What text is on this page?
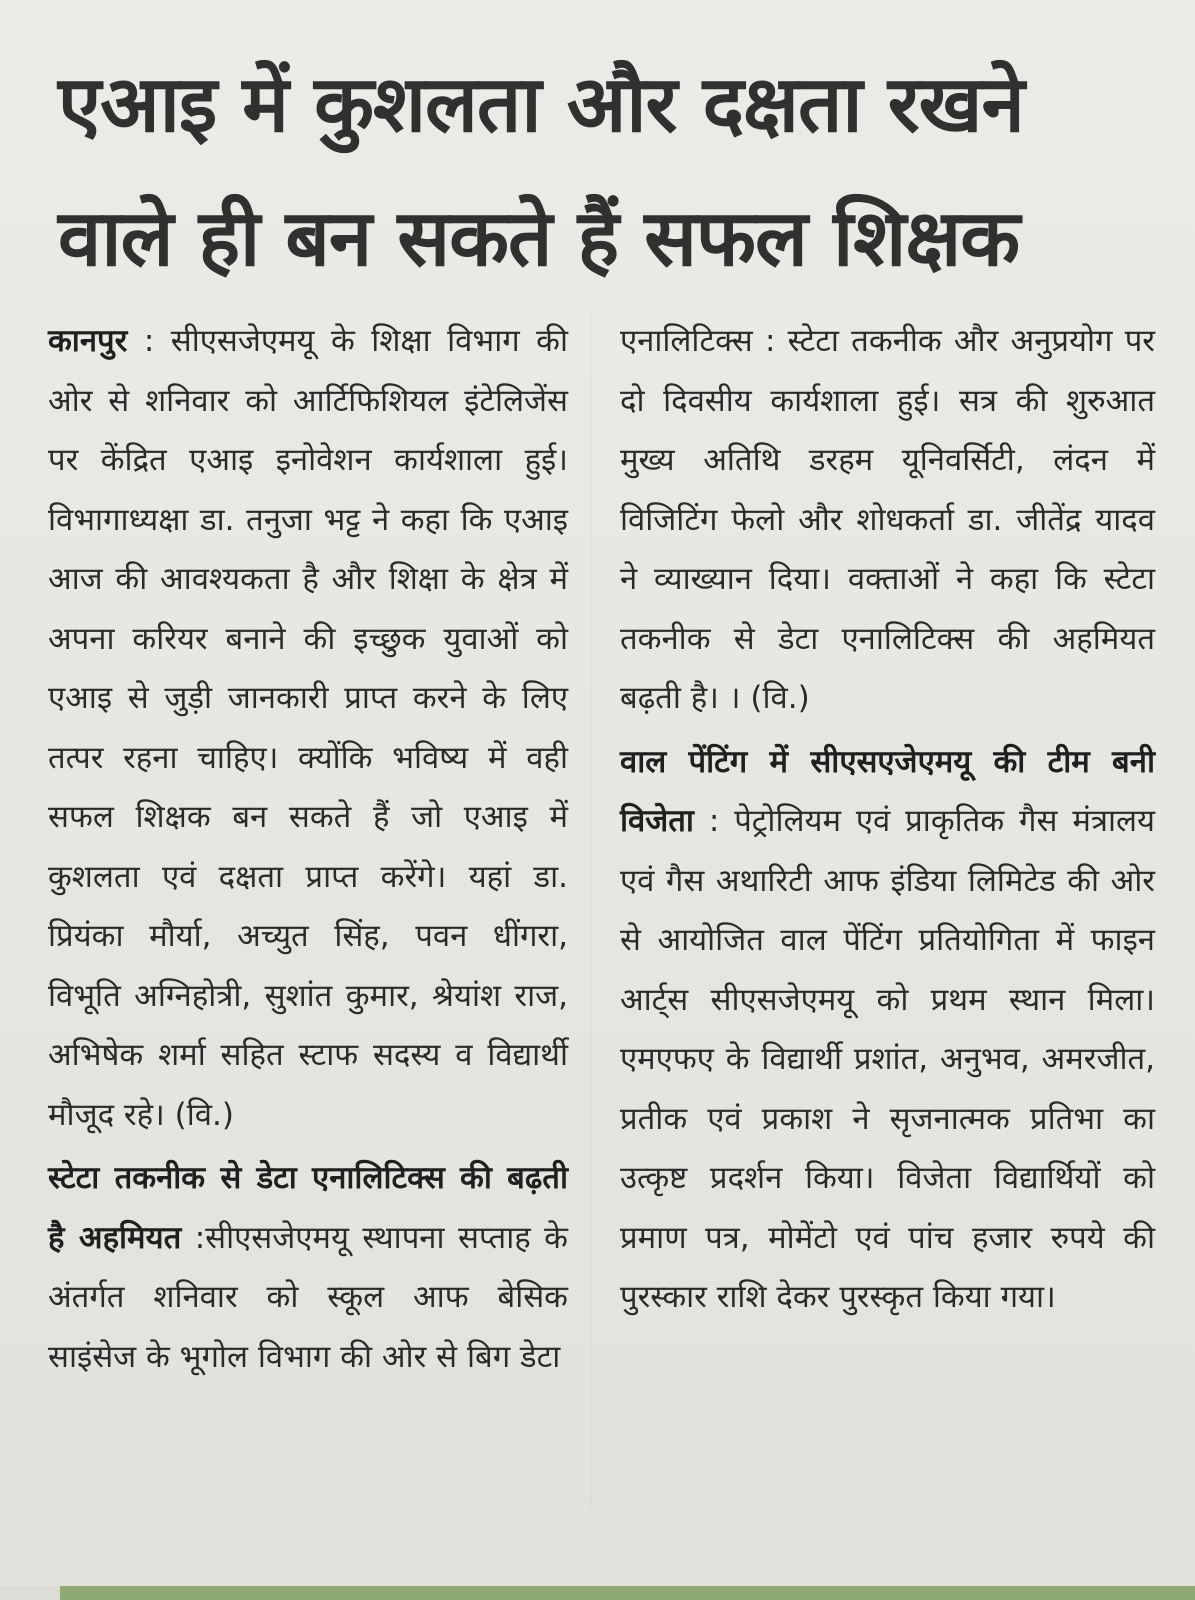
एआइ में कुशलता और दक्षता रखने
वाले ही बन सकते हैं सफल शिक्षक

कानपुर : सीएसजेएमयू के शिक्षा विभाग की ओर से शनिवार को आर्टिफिशियल इंटेलिजेंस पर केंद्रित एआइ इनोवेशन कार्यशाला हुई। विभागाध्यक्षा डा. तनुजा भट्ट ने कहा कि एआइ आज की आवश्यकता है और शिक्षा के क्षेत्र में अपना करियर बनाने की इच्छुक युवाओं को एआइ से जुड़ी जानकारी प्राप्त करने के लिए तत्पर रहना चाहिए। क्योंकि भविष्य में वही सफल शिक्षक बन सकते हैं जो एआइ में कुशलता एवं दक्षता प्राप्त करेंगे। यहां डा. प्रियंका मौर्या, अच्युत सिंह, पवन धींगरा, विभूति अग्निहोत्री, सुशांत कुमार, श्रेयांश राज, अभिषेक शर्मा सहित स्टाफ सदस्य व विद्यार्थी मौजूद रहे। (वि.)

स्टेटा तकनीक से डेटा एनालिटिक्स की बढ़ती है अहमियत :सीएसजेएमयू स्थापना सप्ताह के अंतर्गत शनिवार को स्कूल आफ बेसिक साइंसेज के भूगोल विभाग की ओर से बिग डेटा

एनालिटिक्स : स्टेटा तकनीक और अनुप्रयोग पर दो दिवसीय कार्यशाला हुई। सत्र की शुरुआत मुख्य अतिथि डरहम यूनिवर्सिटी, लंदन में विजिटिंग फेलो और शोधकर्ता डा. जीतेंद्र यादव ने व्याख्यान दिया। वक्ताओं ने कहा कि स्टेटा तकनीक से डेटा एनालिटिक्स की अहमियत बढ़ती है। । (वि.)

वाल पेंटिंग में सीएसएजेएमयू की टीम बनी विजेता : पेट्रोलियम एवं प्राकृतिक गैस मंत्रालय एवं गैस अथारिटी आफ इंडिया लिमिटेड की ओर से आयोजित वाल पेंटिंग प्रतियोगिता में फाइन आर्ट्स सीएसजेएमयू को प्रथम स्थान मिला। एमएफए के विद्यार्थी प्रशांत, अनुभव, अमरजीत, प्रतीक एवं प्रकाश ने सृजनात्मक प्रतिभा का उत्कृष्ट प्रदर्शन किया। विजेता विद्यार्थियों को प्रमाण पत्र, मोमेंटो एवं पांच हजार रुपये की पुरस्कार राशि देकर पुरस्कृत किया गया।
